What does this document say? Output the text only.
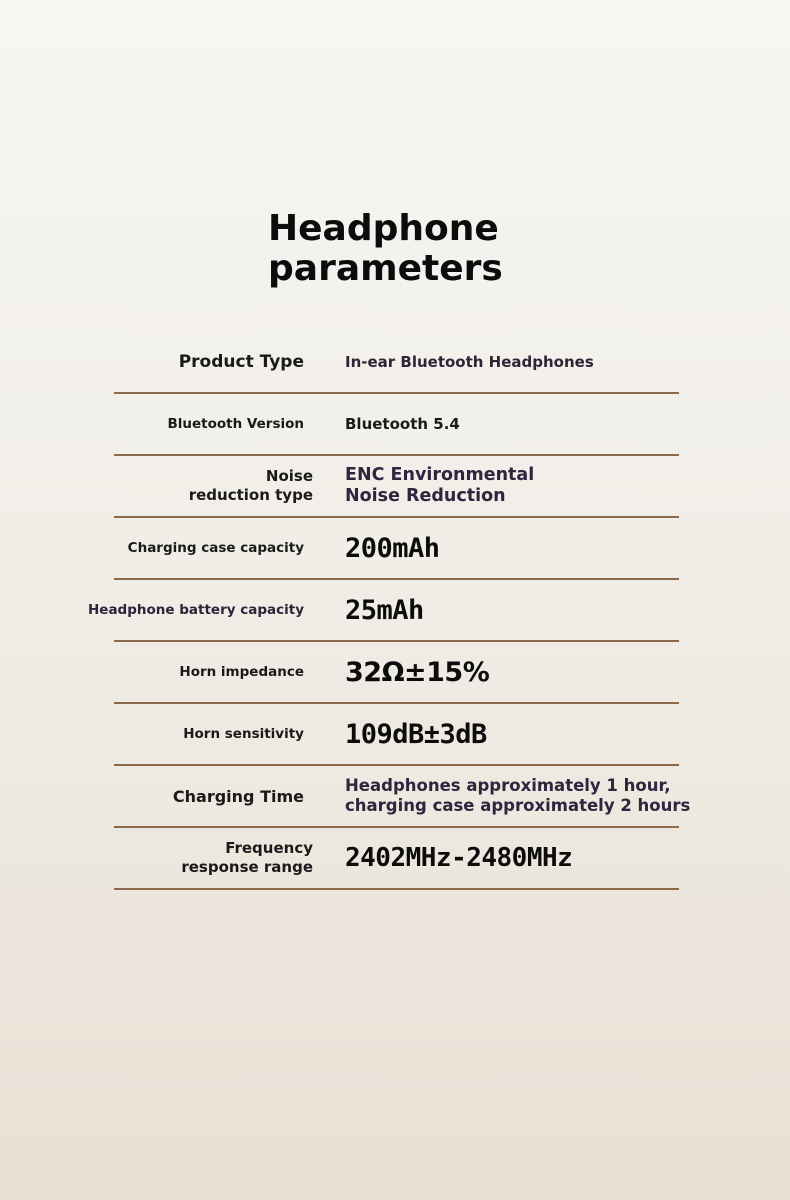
Headphone
parameters
Product Type	In-ear Bluetooth Headphones
Bluetooth Version	Bluetooth 5.4
Noise
reduction type
ENC Environmental
Noise Reduction
Charging case capacity 200mAh
Headphone battery capacity 25mAh
Horn impedance 32Ω±15%
Horn sensitivity 109dB±3dB
Charging Time
Headphones approximately 1 hour,
charging case approximately 2 hours
Frequency
response range 2402MHz-2480MHz
